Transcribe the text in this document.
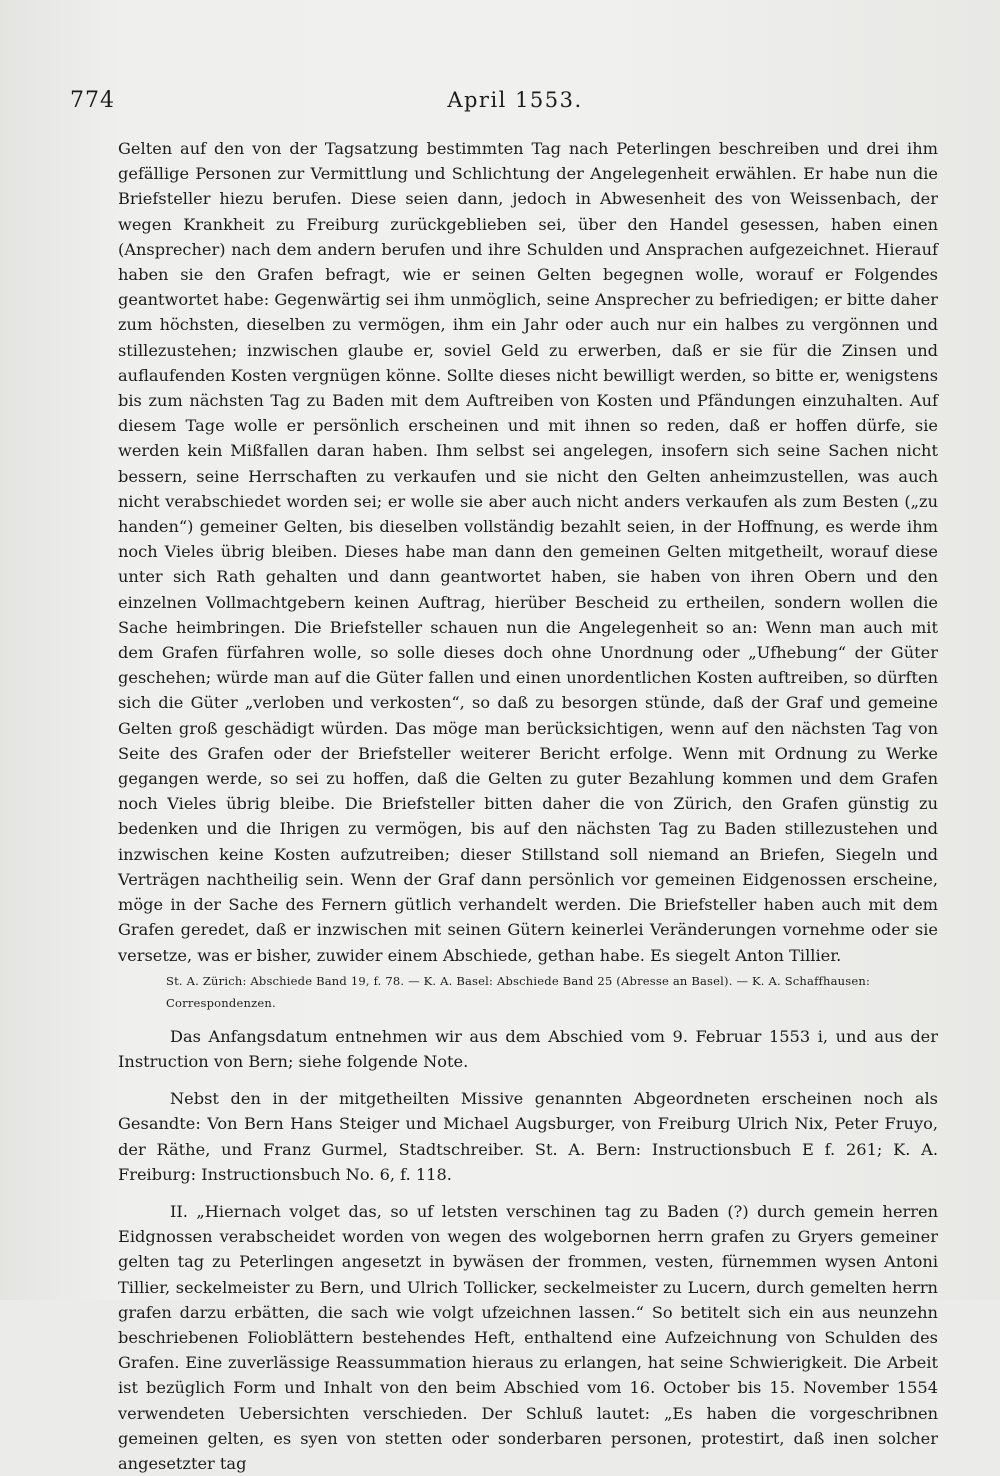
774	April 1553.

Gelten auf den von der Tagsatzung bestimmten Tag nach Peterlingen beschreiben und drei ihm gefällige Personen zur Vermittlung und Schlichtung der Angelegenheit erwählen. Er habe nun die Briefsteller hiezu berufen. Diese seien dann, jedoch in Abwesenheit des von Weissenbach, der wegen Krankheit zu Freiburg zurückgeblieben sei, über den Handel gesessen, haben einen (Ansprecher) nach dem andern berufen und ihre Schulden und Ansprachen aufgezeichnet. Hierauf haben sie den Grafen befragt, wie er seinen Gelten begegnen wolle, worauf er Folgendes geantwortet habe: Gegenwärtig sei ihm unmöglich, seine Ansprecher zu befriedigen; er bitte daher zum höchsten, dieselben zu vermögen, ihm ein Jahr oder auch nur ein halbes zu vergönnen und stillezustehen; inzwischen glaube er, soviel Geld zu erwerben, daß er sie für die Zinsen und auflaufenden Kosten vergnügen könne. Sollte dieses nicht bewilligt werden, so bitte er, wenigstens bis zum nächsten Tag zu Baden mit dem Auftreiben von Kosten und Pfändungen einzuhalten. Auf diesem Tage wolle er persönlich erscheinen und mit ihnen so reden, daß er hoffen dürfe, sie werden kein Mißfallen daran haben. Ihm selbst sei angelegen, insofern sich seine Sachen nicht bessern, seine Herrschaften zu verkaufen und sie nicht den Gelten anheimzustellen, was auch nicht verabschiedet worden sei; er wolle sie aber auch nicht anders verkaufen als zum Besten („zu handen“) gemeiner Gelten, bis dieselben vollständig bezahlt seien, in der Hoffnung, es werde ihm noch Vieles übrig bleiben. Dieses habe man dann den gemeinen Gelten mitgetheilt, worauf diese unter sich Rath gehalten und dann geantwortet haben, sie haben von ihren Obern und den einzelnen Vollmachtgebern keinen Auftrag, hierüber Bescheid zu ertheilen, sondern wollen die Sache heimbringen. Die Briefsteller schauen nun die Angelegenheit so an: Wenn man auch mit dem Grafen fürfahren wolle, so solle dieses doch ohne Unordnung oder „Ufhebung“ der Güter geschehen; würde man auf die Güter fallen und einen unordentlichen Kosten auftreiben, so dürften sich die Güter „verloben und verkosten“, so daß zu besorgen stünde, daß der Graf und gemeine Gelten groß geschädigt würden. Das möge man berücksichtigen, wenn auf den nächsten Tag von Seite des Grafen oder der Briefsteller weiterer Bericht erfolge. Wenn mit Ordnung zu Werke gegangen werde, so sei zu hoffen, daß die Gelten zu guter Bezahlung kommen und dem Grafen noch Vieles übrig bleibe. Die Briefsteller bitten daher die von Zürich, den Grafen günstig zu bedenken und die Ihrigen zu vermögen, bis auf den nächsten Tag zu Baden stillezustehen und inzwischen keine Kosten aufzutreiben; dieser Stillstand soll niemand an Briefen, Siegeln und Verträgen nachtheilig sein. Wenn der Graf dann persönlich vor gemeinen Eidgenossen erscheine, möge in der Sache des Fernern gütlich verhandelt werden. Die Briefsteller haben auch mit dem Grafen geredet, daß er inzwischen mit seinen Gütern keinerlei Veränderungen vornehme oder sie versetze, was er bisher, zuwider einem Abschiede, gethan habe. Es siegelt Anton Tillier.

St. A. Zürich: Abschiede Band 19, f. 78. — K. A. Basel: Abschiede Band 25 (Abresse an Basel). — K. A. Schaffhausen: Correspondenzen.

Das Anfangsdatum entnehmen wir aus dem Abschied vom 9. Februar 1553 i, und aus der Instruction von Bern; siehe folgende Note.

Nebst den in der mitgetheilten Missive genannten Abgeordneten erscheinen noch als Gesandte: Von Bern Hans Steiger und Michael Augsburger, von Freiburg Ulrich Nix, Peter Fruyo, der Räthe, und Franz Gurmel, Stadtschreiber. St. A. Bern: Instructionsbuch E f. 261; K. A. Freiburg: Instructionsbuch No. 6, f. 118.

II. „Hiernach volget das, so uf letsten verschinen tag zu Baden (?) durch gemein herren Eidgnossen verabscheidet worden von wegen des wolgebornen herrn grafen zu Gryers gemeiner gelten tag zu Peterlingen angesetzt in bywäsen der frommen, vesten, fürnemmen wysen Antoni Tillier, seckelmeister zu Bern, und Ulrich Tollicker, seckelmeister zu Lucern, durch gemelten herrn grafen darzu erbätten, die sach wie volgt ufzeichnen lassen.“ So betitelt sich ein aus neunzehn beschriebenen Folioblättern bestehendes Heft, enthaltend eine Aufzeichnung von Schulden des Grafen. Eine zuverlässige Reassummation hieraus zu erlangen, hat seine Schwierigkeit. Die Arbeit ist bezüglich Form und Inhalt von den beim Abschied vom 16. October bis 15. November 1554 verwendeten Uebersichten verschieden. Der Schluß lautet: „Es haben die vorgeschribnen gemeinen gelten, es syen von stetten oder sonderbaren personen, protestirt, daß inen solcher angesetzter tag
